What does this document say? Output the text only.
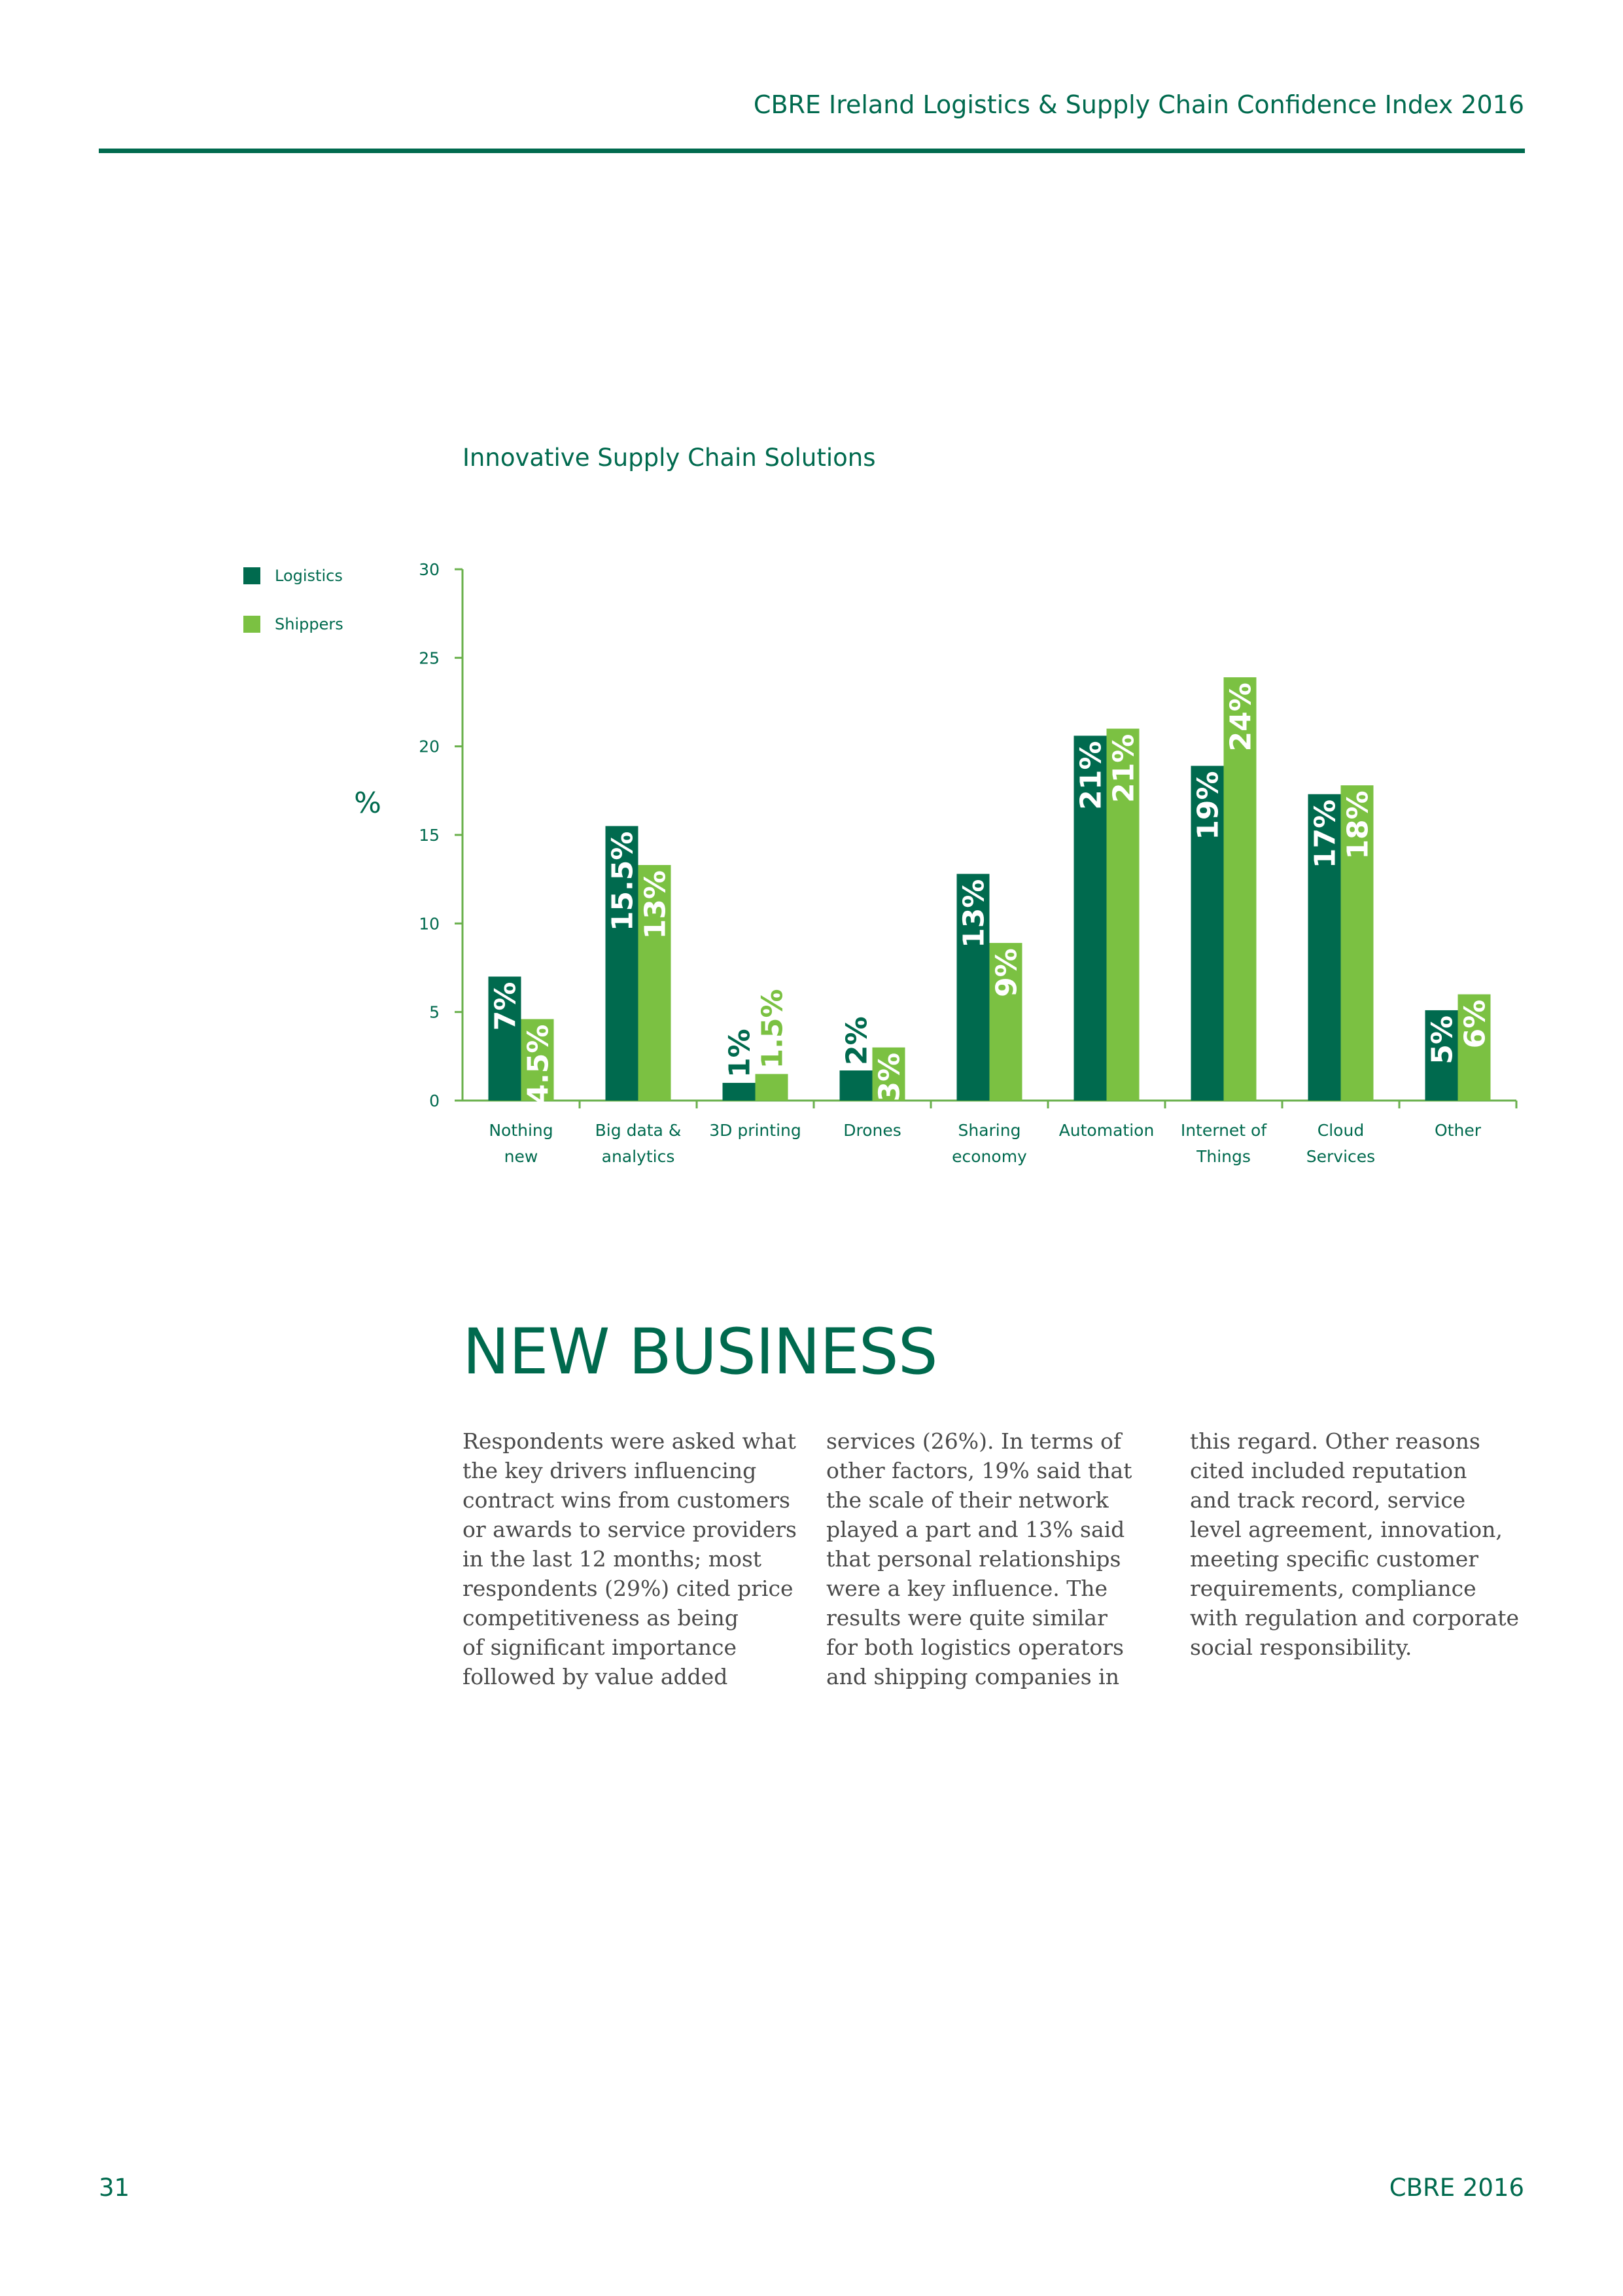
CBRE Ireland Logistics & Supply Chain Confidence Index 2016
Innovative Supply Chain Solutions
Logistics
Shippers
7%
4.5%
15.5% 13%
1% 1.5% 2%
3%
13%
9%
21% 21%
19%
24%
17% 18%
5% 6%
0
5
10
15
20
25
30
Nothing
new
Big data &
analytics
3D printing	Drones	Sharing
economy
Automation Internet of
Things
Cloud
Services
Other
%
NEW BUSINESS
Respondents were asked what
the key drivers influencing
contract wins from customers
or awards to service providers
in the last 12 months; most
respondents (29%) cited price
competitiveness as being
of significant importance
followed by value added
services (26%). In terms of
other factors, 19% said that
the scale of their network
played a part and 13% said
that personal relationships
were a key influence. The
results were quite similar
for both logistics operators
and shipping companies in
this regard. Other reasons
cited included reputation
and track record, service
level agreement, innovation,
meeting specific customer
requirements, compliance
with regulation and corporate
social responsibility.
31	CBRE 2016
